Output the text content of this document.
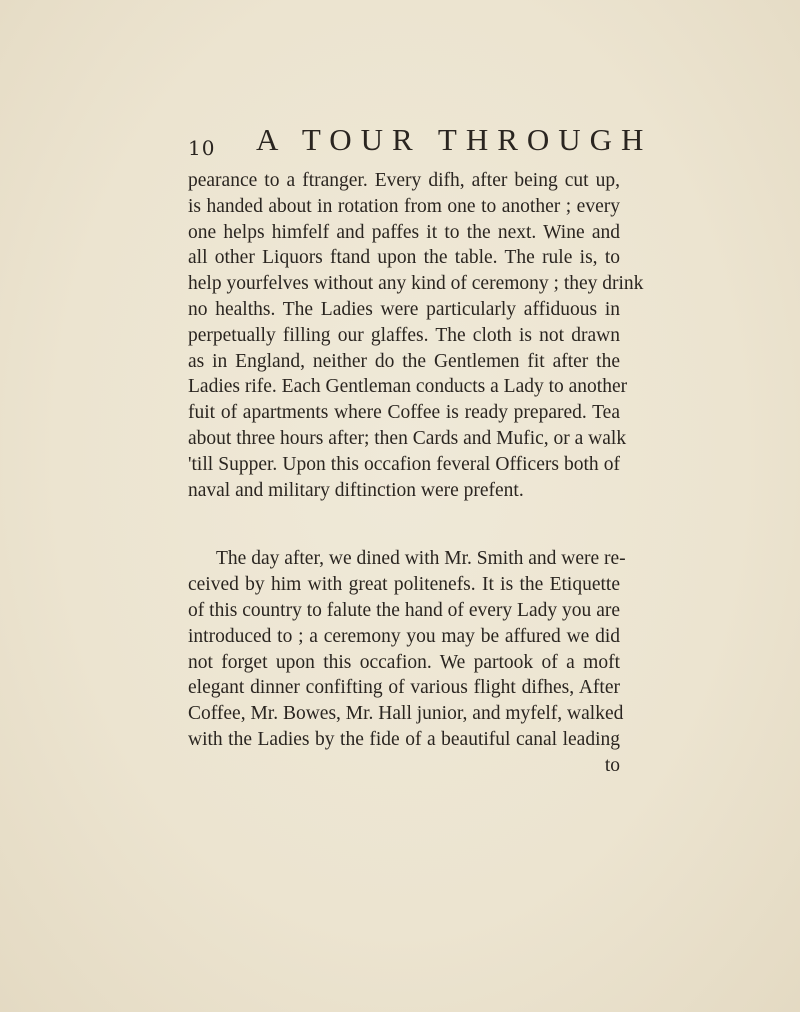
10 A TOUR THROUGH
pearance to a ftranger. Every difh, after being cut up,
is handed about in rotation from one to another ; every
one helps himfelf and paffes it to the next. Wine and
all other Liquors ftand upon the table. The rule is, to
help yourfelves without any kind of ceremony ; they drink
no healths. The Ladies were particularly affiduous in
perpetually filling our glaffes. The cloth is not drawn
as in England, neither do the Gentlemen fit after the
Ladies rife. Each Gentleman conducts a Lady to another
fuit of apartments where Coffee is ready prepared. Tea
about three hours after; then Cards and Mufic, or a walk
'till Supper. Upon this occafion feveral Officers both of
naval and military diftinction were prefent.
The day after, we dined with Mr. Smith and were re-
ceived by him with great politenefs. It is the Etiquette
of this country to falute the hand of every Lady you are
introduced to ; a ceremony you may be affured we did
not forget upon this occafion. We partook of a moft
elegant dinner confifting of various flight difhes, After
Coffee, Mr. Bowes, Mr. Hall junior, and myfelf, walked
with the Ladies by the fide of a beautiful canal leading
to
